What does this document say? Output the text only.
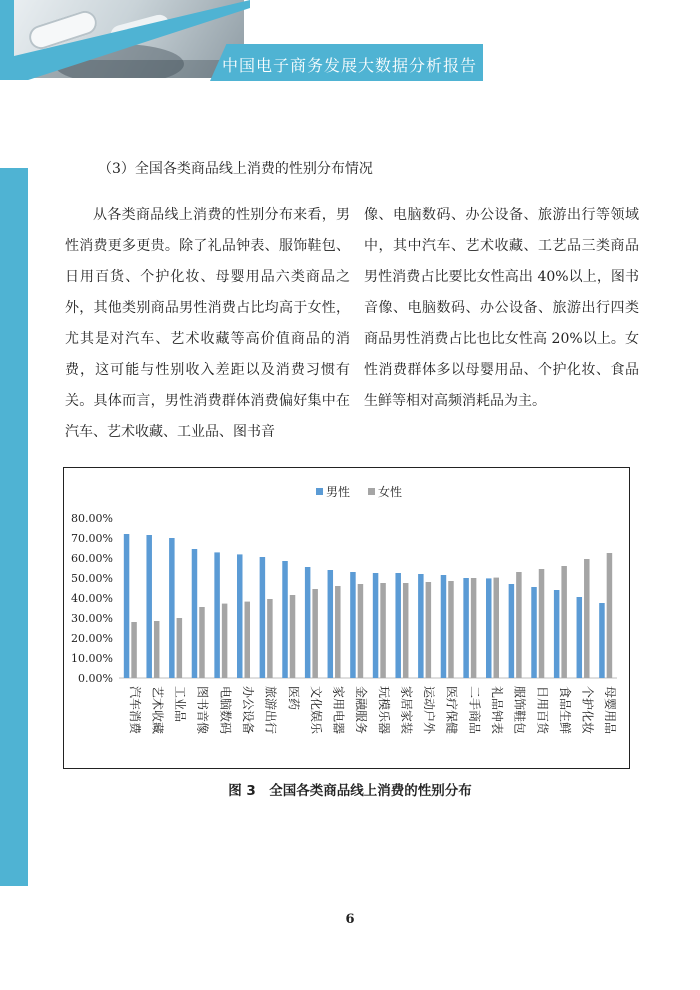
中国电子商务发展大数据分析报告
（3）全国各类商品线上消费的性别分布情况
从各类商品线上消费的性别分布来看，男性消费更多更贵。除了礼品钟表、服饰鞋包、日用百货、个护化妆、母婴用品六类商品之外，其他类别商品男性消费占比均高于女性，尤其是对汽车、艺术收藏等高价值商品的消费，这可能与性别收入差距以及消费习惯有关。具体而言，男性消费群体消费偏好集中在汽车、艺术收藏、工业品、图书音
像、电脑数码、办公设备、旅游出行等领域中，其中汽车、艺术收藏、工艺品三类商品男性消费占比要比女性高出 40%以上，图书音像、电脑数码、办公设备、旅游出行四类商品男性消费占比也比女性高 20%以上。女性消费群体多以母婴用品、个护化妆、食品生鲜等相对高频消耗品为主。
0.00%
10.00%
20.00%
30.00%
40.00%
50.00%
60.00%
70.00%
80.00%
汽车消费 艺术收藏 工业品 图书音像 电脑数码 办公设备 旅游出行 医药 文化娱乐 家用电器 金融服务 玩模乐器 家居家装 运动户外 医疗保健 二手商品 礼品钟表 服饰鞋包 日用百货 食品生鲜 个护化妆 母婴用品
男性 女性
图 3　全国各类商品线上消费的性别分布
6
